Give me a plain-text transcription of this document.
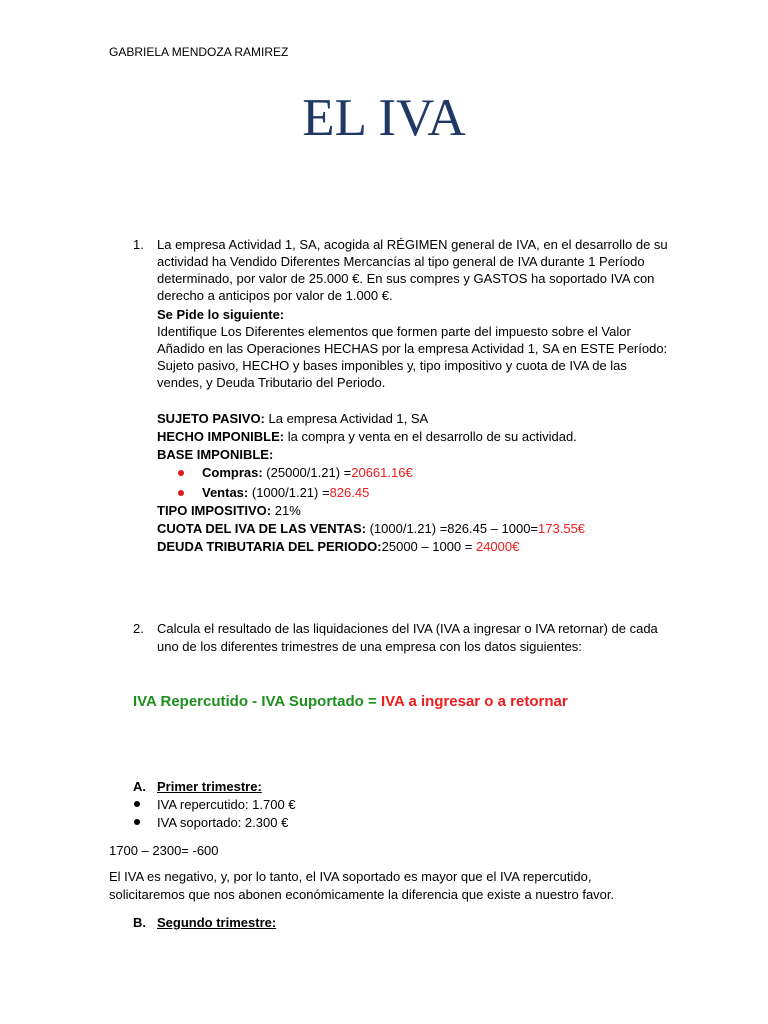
GABRIELA MENDOZA RAMIREZ
EL IVA
1. La empresa Actividad 1, SA, acogida al RÉGIMEN general de IVA, en el desarrollo de su
actividad ha Vendido Diferentes Mercancías al tipo general de IVA durante 1 Período
determinado, por valor de 25.000 €. En sus compres y GASTOS ha soportado IVA con
derecho a anticipos por valor de 1.000 €.
Se Pide lo siguiente:
Identifique Los Diferentes elementos que formen parte del impuesto sobre el Valor
Añadido en las Operaciones HECHAS por la empresa Actividad 1, SA en ESTE Período:
Sujeto pasivo, HECHO y bases imponibles y, tipo impositivo y cuota de IVA de las
vendes, y Deuda Tributario del Periodo.
SUJETO PASIVO: La empresa Actividad 1, SA
HECHO IMPONIBLE: la compra y venta en el desarrollo de su actividad.
BASE IMPONIBLE:
Compras: (25000/1.21) =20661.16€
Ventas: (1000/1.21) =826.45
TIPO IMPOSITIVO: 21%
CUOTA DEL IVA DE LAS VENTAS: (1000/1.21) =826.45 – 1000=173.55€
DEUDA TRIBUTARIA DEL PERIODO:25000 – 1000 = 24000€
2. Calcula el resultado de las liquidaciones del IVA (IVA a ingresar o IVA retornar) de cada
uno de los diferentes trimestres de una empresa con los datos siguientes:
IVA Repercutido - IVA Suportado = IVA a ingresar o a retornar
A. Primer trimestre:
IVA repercutido: 1.700 €
IVA soportado: 2.300 €
1700 – 2300= -600
El IVA es negativo, y, por lo tanto, el IVA soportado es mayor que el IVA repercutido,
solicitaremos que nos abonen económicamente la diferencia que existe a nuestro favor.
B. Segundo trimestre:
